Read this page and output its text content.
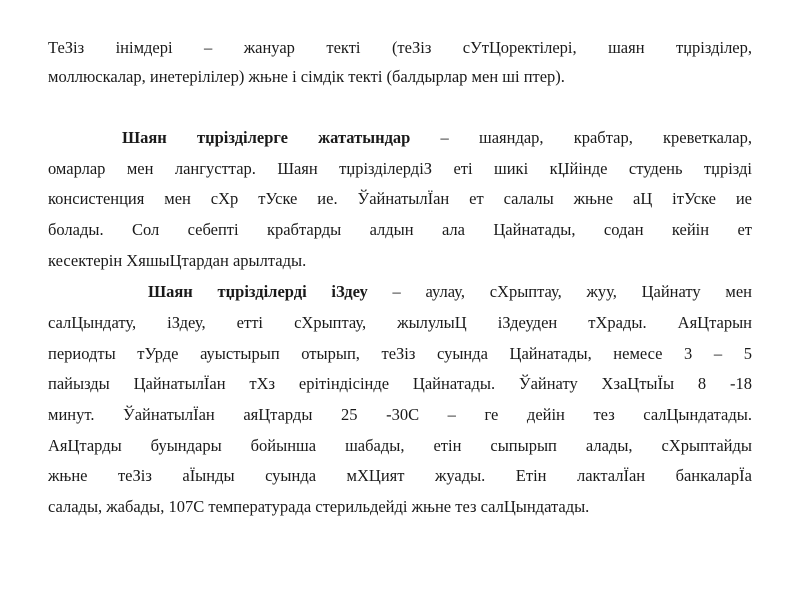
ТеЗіз інімдері – жануар текті (теЗіз сУтЦоректілері, шаян тџрізділер,
моллюскалар, инетерілілер) жњне і сімдік текті (балдырлар мен ші птер).
Шаян тџрізділерге жататындар – шаяндар, крабтар, креветкалар,
омарлар мен лангусттар. Шаян тџрізділердіЗ еті шикі кЏйінде студень тџрізді
консистенция мен сХр тУске ие. ЎайнатылЇан ет салалы жњне аЦ ітУске ие
болады. Сол себепті крабтарды алдын ала Цайнатады, содан кейін ет
кесектерін ХяшыЦтардан арылтады.
Шаян тџрізділерді іЗдеу – аулау, сХрыптау, жуу, Цайнату мен
салЦындату, іЗдеу, етті сХрыптау, жылулыЦ іЗдеуден тХрады. АяЦтарын
периодты тУрде ауыстырып отырып, теЗіз суында Цайнатады, немесе 3 – 5
пайызды ЦайнатылЇан тХз ерітіндісінде Цайнатады. Ўайнату ХзаЦтыЇы 8 -18
минут. ЎайнатылЇан аяЦтарды 25 -30С – ге дейін тез салЦындатады.
АяЦтарды буындары бойынша шабады, етін сыпырып алады, сХрыптайды
жњне теЗіз аЇынды суында мХЦият жуады. Етін лакталЇан банкаларЇа
салады, жабады, 107С температурада стерильдейді жњне тез салЦындатады.
